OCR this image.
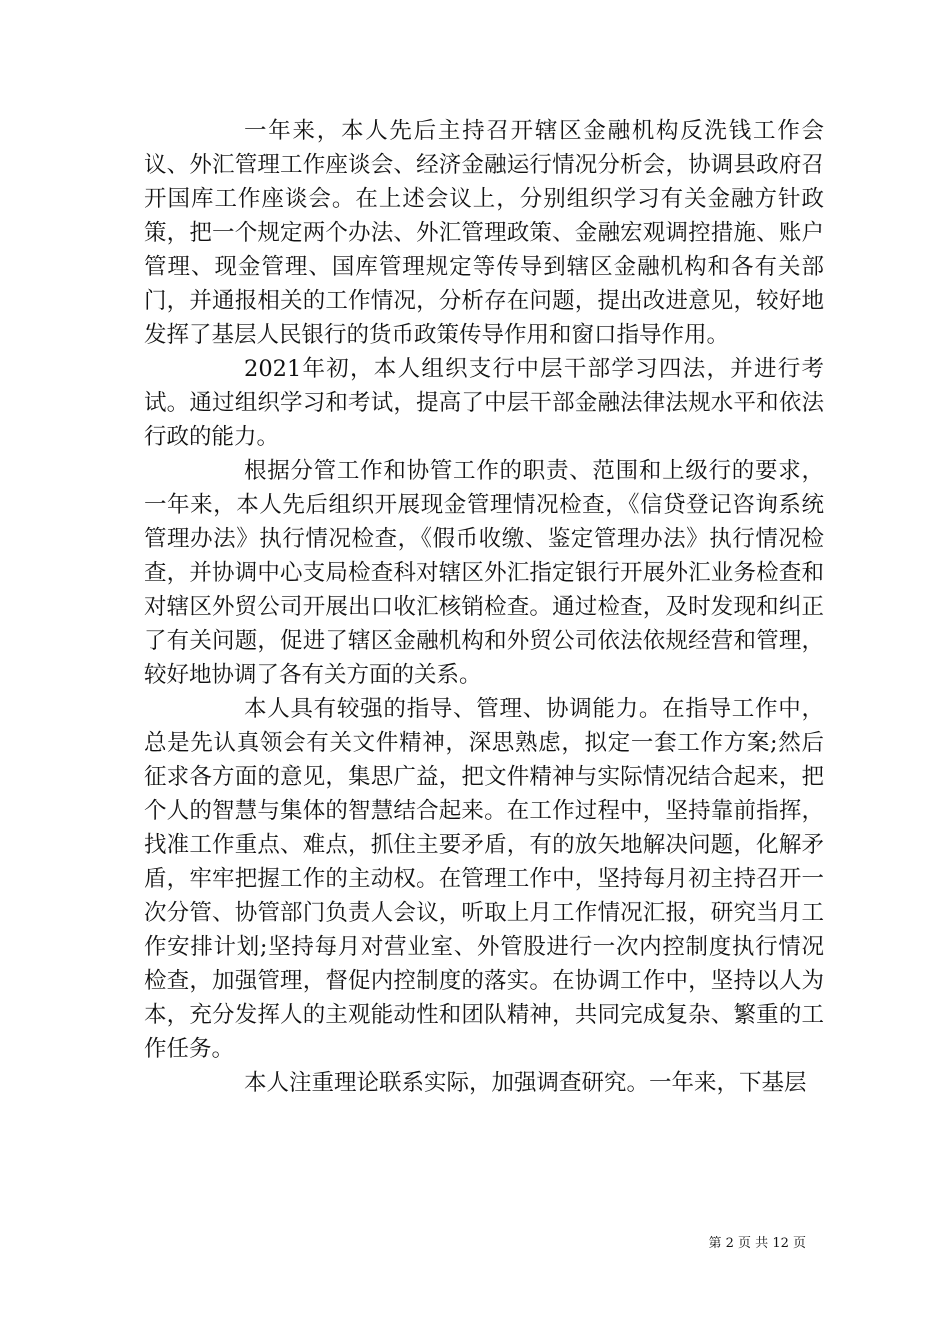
一年来，本人先后主持召开辖区金融机构反洗钱工作会议、外汇管理工作座谈会、经济金融运行情况分析会，协调县政府召开国库工作座谈会。在上述会议上，分别组织学习有关金融方针政策，把一个规定两个办法、外汇管理政策、金融宏观调控措施、账户管理、现金管理、国库管理规定等传导到辖区金融机构和各有关部门，并通报相关的工作情况，分析存在问题，提出改进意见，较好地发挥了基层人民银行的货币政策传导作用和窗口指导作用。

2021年初，本人组织支行中层干部学习四法，并进行考试。通过组织学习和考试，提高了中层干部金融法律法规水平和依法行政的能力。

根据分管工作和协管工作的职责、范围和上级行的要求，一年来，本人先后组织开展现金管理情况检查，《信贷登记咨询系统管理办法》执行情况检查，《假币收缴、鉴定管理办法》执行情况检查，并协调中心支局检查科对辖区外汇指定银行开展外汇业务检查和对辖区外贸公司开展出口收汇核销检查。通过检查，及时发现和纠正了有关问题，促进了辖区金融机构和外贸公司依法依规经营和管理，较好地协调了各有关方面的关系。

本人具有较强的指导、管理、协调能力。在指导工作中，总是先认真领会有关文件精神，深思熟虑，拟定一套工作方案;然后征求各方面的意见，集思广益，把文件精神与实际情况结合起来，把个人的智慧与集体的智慧结合起来。在工作过程中，坚持靠前指挥，找准工作重点、难点，抓住主要矛盾，有的放矢地解决问题，化解矛盾，牢牢把握工作的主动权。在管理工作中，坚持每月初主持召开一次分管、协管部门负责人会议，听取上月工作情况汇报，研究当月工作安排计划;坚持每月对营业室、外管股进行一次内控制度执行情况检查，加强管理，督促内控制度的落实。在协调工作中，坚持以人为本，充分发挥人的主观能动性和团队精神，共同完成复杂、繁重的工作任务。

本人注重理论联系实际，加强调查研究。一年来，下基层

第 2 页 共 12 页
